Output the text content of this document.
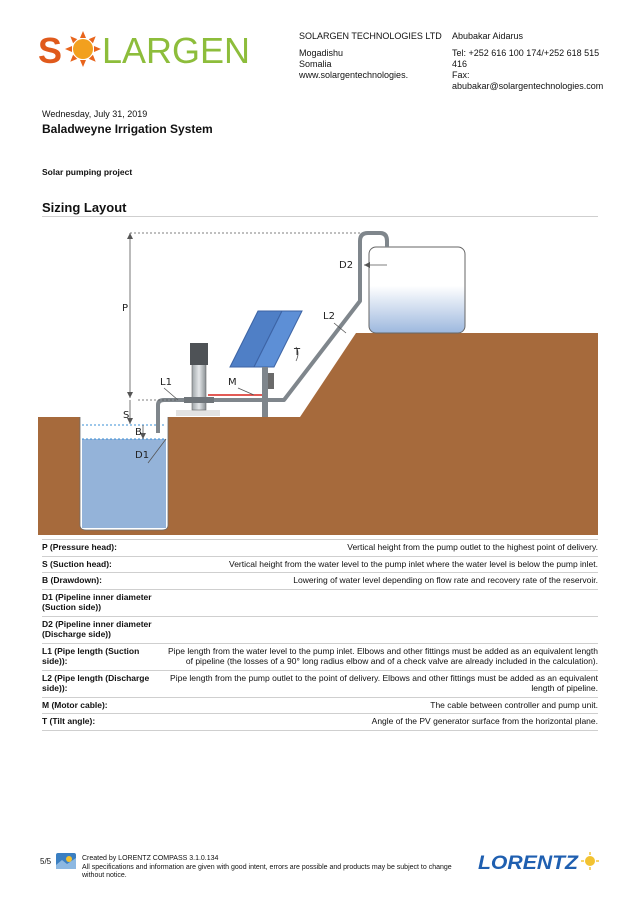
S LARGEN	SOLARGEN TECHNOLOGIES LTD
Mogadishu
Somalia
www.solargentechnologies.
Abubakar Aidarus
Tel: +252 616 100 174/+252 618 515 416
Fax:
abubakar@solargentechnologies.com
Wednesday, July 31, 2019
Baladweyne Irrigation System
Solar pumping project
Sizing Layout
P
S
B
D1
D2
L1
L2
M
T
P (Pressure head):	Vertical height from the pump outlet to the highest point of delivery.
S (Suction head):	Vertical height from the water level to the pump inlet where the water level is below the pump inlet.
B (Drawdown):	Lowering of water level depending on flow rate and recovery rate of the reservoir.
D1 (Pipeline inner diameter (Suction side))	
D2 (Pipeline inner diameter (Discharge side))	
L1 (Pipe length (Suction side)):	Pipe length from the water level to the pump inlet. Elbows and other fittings must be added as an equivalent length of pipeline (the losses of a 90° long radius elbow and of a check valve are already included in the calculation).
L2 (Pipe length (Discharge side)):	Pipe length from the pump outlet to the point of delivery. Elbows and other fittings must be added as an equivalent length of pipeline.
M (Motor cable):	The cable between controller and pump unit.
T (Tilt angle):	Angle of the PV generator surface from the horizontal plane.
5/5	Created by LORENTZ COMPASS 3.1.0.134
All specifications and information are given with good intent, errors are possible and products may be subject to change without notice.
LORENTZ
